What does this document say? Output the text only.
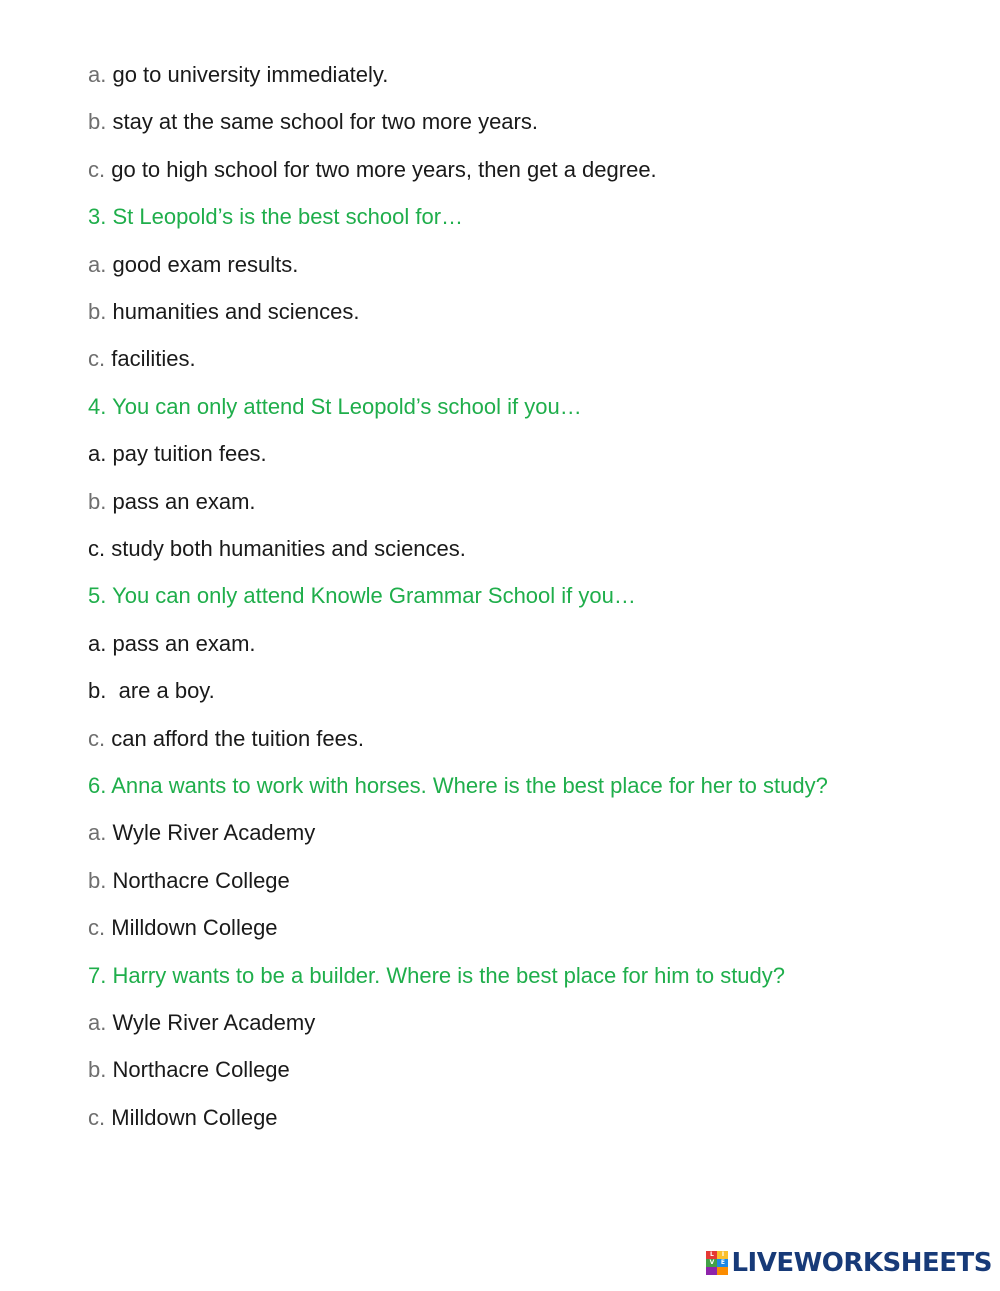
a. go to university immediately.
b. stay at the same school for two more years.
c. go to high school for two more years, then get a degree.
3. St Leopold’s is the best school for…
a. good exam results.
b. humanities and sciences.
c. facilities.
4. You can only attend St Leopold’s school if you…
a. pay tuition fees.
b. pass an exam.
c. study both humanities and sciences.
5. You can only attend Knowle Grammar School if you…
a. pass an exam.
b.  are a boy.
c. can afford the tuition fees.
6. Anna wants to work with horses. Where is the best place for her to study?
a. Wyle River Academy
b. Northacre College
c. Milldown College
7. Harry wants to be a builder. Where is the best place for him to study?
a. Wyle River Academy
b. Northacre College
c. Milldown College
L	I
V	E LIVEWORKSHEETS
